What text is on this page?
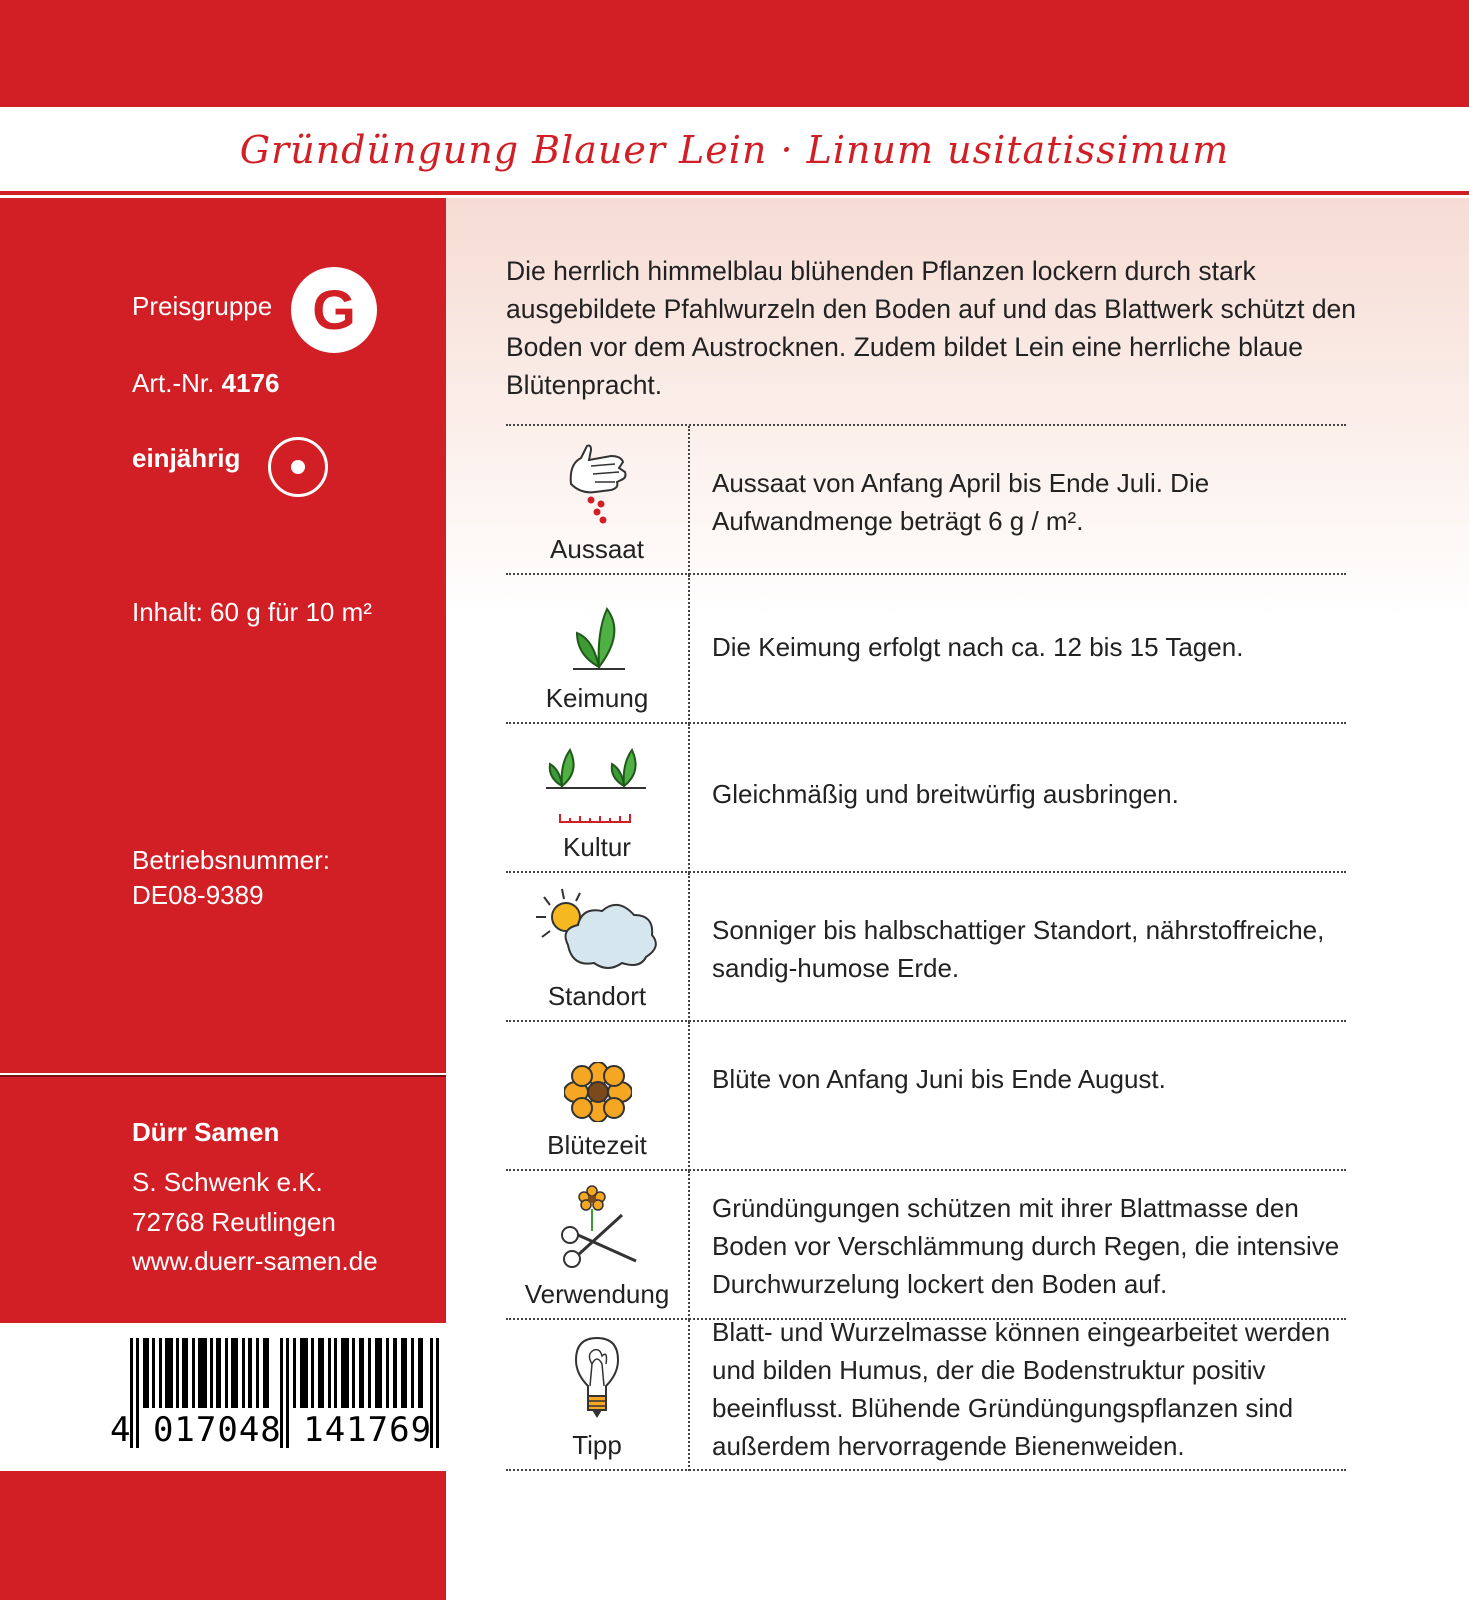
Gründüngung Blauer Lein · Linum usitatissimum
Preisgruppe G
Art.-Nr. 4176
einjährig
Inhalt: 60 g für 10 m²
Betriebsnummer:
DE08-9389
Dürr Samen
S. Schwenk e.K.
72768 Reutlingen
www.duerr-samen.de
4 017048 141769
Die herrlich himmelblau blühenden Pflanzen lockern durch stark ausgebildete Pfahlwurzeln den Boden auf und das Blattwerk schützt den Boden vor dem Austrocknen. Zudem bildet Lein eine herrliche blaue Blütenpracht.
Aussaat
Aussaat von Anfang April bis Ende Juli. Die Aufwandmenge beträgt 6 g / m².
Keimung
Die Keimung erfolgt nach ca. 12 bis 15 Tagen.
Kultur
Gleichmäßig und breitwürfig ausbringen.
Standort
Sonniger bis halbschattiger Standort, nährstoffreiche, sandig-humose Erde.
Blütezeit
Blüte von Anfang Juni bis Ende August.
Verwendung
Gründüngungen schützen mit ihrer Blattmasse den Boden vor Verschlämmung durch Regen, die intensive Durchwurzelung lockert den Boden auf.
Tipp
Blatt- und Wurzelmasse können eingearbeitet werden und bilden Humus, der die Bodenstruktur positiv beeinflusst. Blühende Gründüngungspflanzen sind außerdem hervorragende Bienenweiden.
